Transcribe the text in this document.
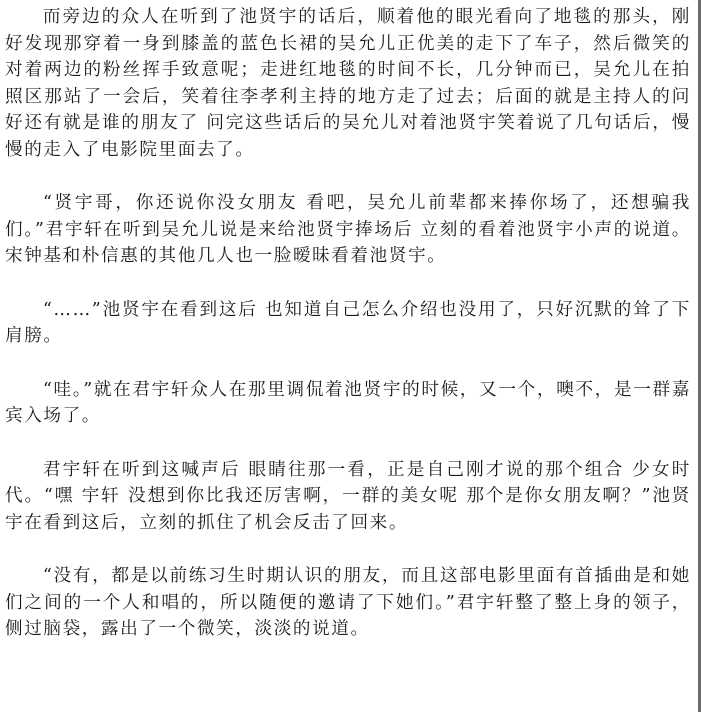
而旁边的众人在听到了池贤宇的话后，顺着他的眼光看向了地毯的那头，刚好发现那穿着一身到膝盖的蓝色长裙的吴允儿正优美的走下了车子，然后微笑的对着两边的粉丝挥手致意呢；走进红地毯的时间不长，几分钟而已，吴允儿在拍照区那站了一会后，笑着往李孝利主持的地方走了过去；后面的就是主持人的问好还有就是谁的朋友了 问完这些话后的吴允儿对着池贤宇笑着说了几句话后，慢慢的走入了电影院里面去了。

“贤宇哥，你还说你没女朋友 看吧，吴允儿前辈都来捧你场了，还想骗我们。”君宇轩在听到吴允儿说是来给池贤宇捧场后 立刻的看着池贤宇小声的说道。宋钟基和朴信惠的其他几人也一脸暧昧看着池贤宇。

“……”池贤宇在看到这后 也知道自己怎么介绍也没用了，只好沉默的耸了下肩膀。

“哇。”就在君宇轩众人在那里调侃着池贤宇的时候，又一个，噢不，是一群嘉宾入场了。

君宇轩在听到这喊声后 眼睛往那一看，正是自己刚才说的那个组合 少女时代。“嘿 宇轩 没想到你比我还厉害啊，一群的美女呢 那个是你女朋友啊？”池贤宇在看到这后，立刻的抓住了机会反击了回来。

“没有，都是以前练习生时期认识的朋友，而且这部电影里面有首插曲是和她们之间的一个人和唱的，所以随便的邀请了下她们。”君宇轩整了整上身的领子，侧过脑袋，露出了一个微笑，淡淡的说道。
